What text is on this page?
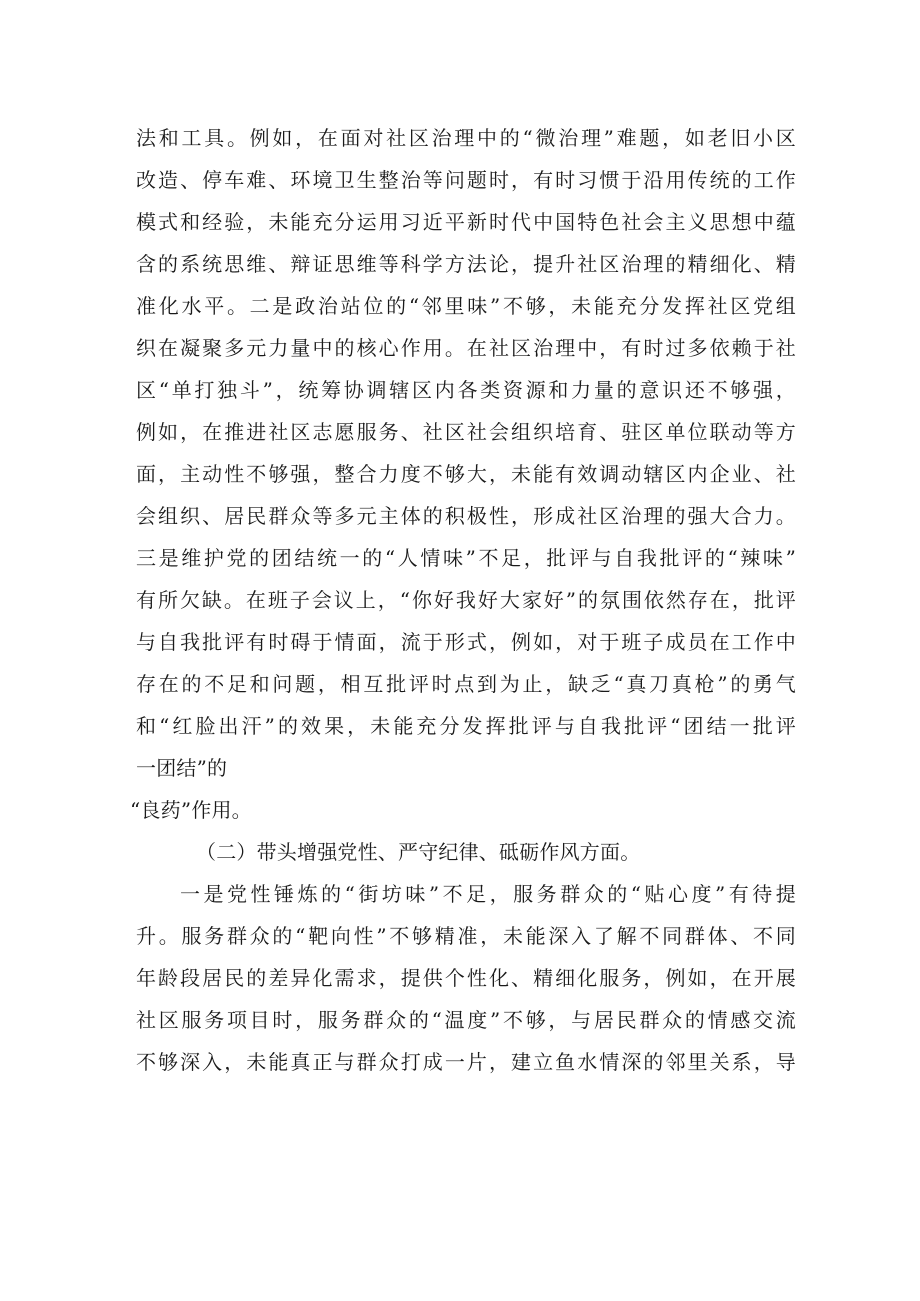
法和工具。例如，在面对社区治理中的“微治理”难题，如老旧小区
改造、停车难、环境卫生整治等问题时，有时习惯于沿用传统的工作
模式和经验，未能充分运用习近平新时代中国特色社会主义思想中蕴
含的系统思维、辩证思维等科学方法论，提升社区治理的精细化、精
准化水平。二是政治站位的“邻里味”不够，未能充分发挥社区党组
织在凝聚多元力量中的核心作用。在社区治理中，有时过多依赖于社
区“单打独斗”，统筹协调辖区内各类资源和力量的意识还不够强，
例如，在推进社区志愿服务、社区社会组织培育、驻区单位联动等方
面，主动性不够强，整合力度不够大，未能有效调动辖区内企业、社
会组织、居民群众等多元主体的积极性，形成社区治理的强大合力。
三是维护党的团结统一的“人情味”不足，批评与自我批评的“辣味”
有所欠缺。在班子会议上，“你好我好大家好”的氛围依然存在，批评
与自我批评有时碍于情面，流于形式，例如，对于班子成员在工作中
存在的不足和问题，相互批评时点到为止，缺乏“真刀真枪”的勇气
和“红脸出汗”的效果，未能充分发挥批评与自我批评“团结一批评
一团结”的
“良药”作用。
（二）带头增强党性、严守纪律、砥砺作风方面。
一是党性锤炼的“街坊味”不足，服务群众的“贴心度”有待提
升。服务群众的“靶向性”不够精准，未能深入了解不同群体、不同
年龄段居民的差异化需求，提供个性化、精细化服务，例如，在开展
社区服务项目时，服务群众的“温度”不够，与居民群众的情感交流
不够深入，未能真正与群众打成一片，建立鱼水情深的邻里关系，导
